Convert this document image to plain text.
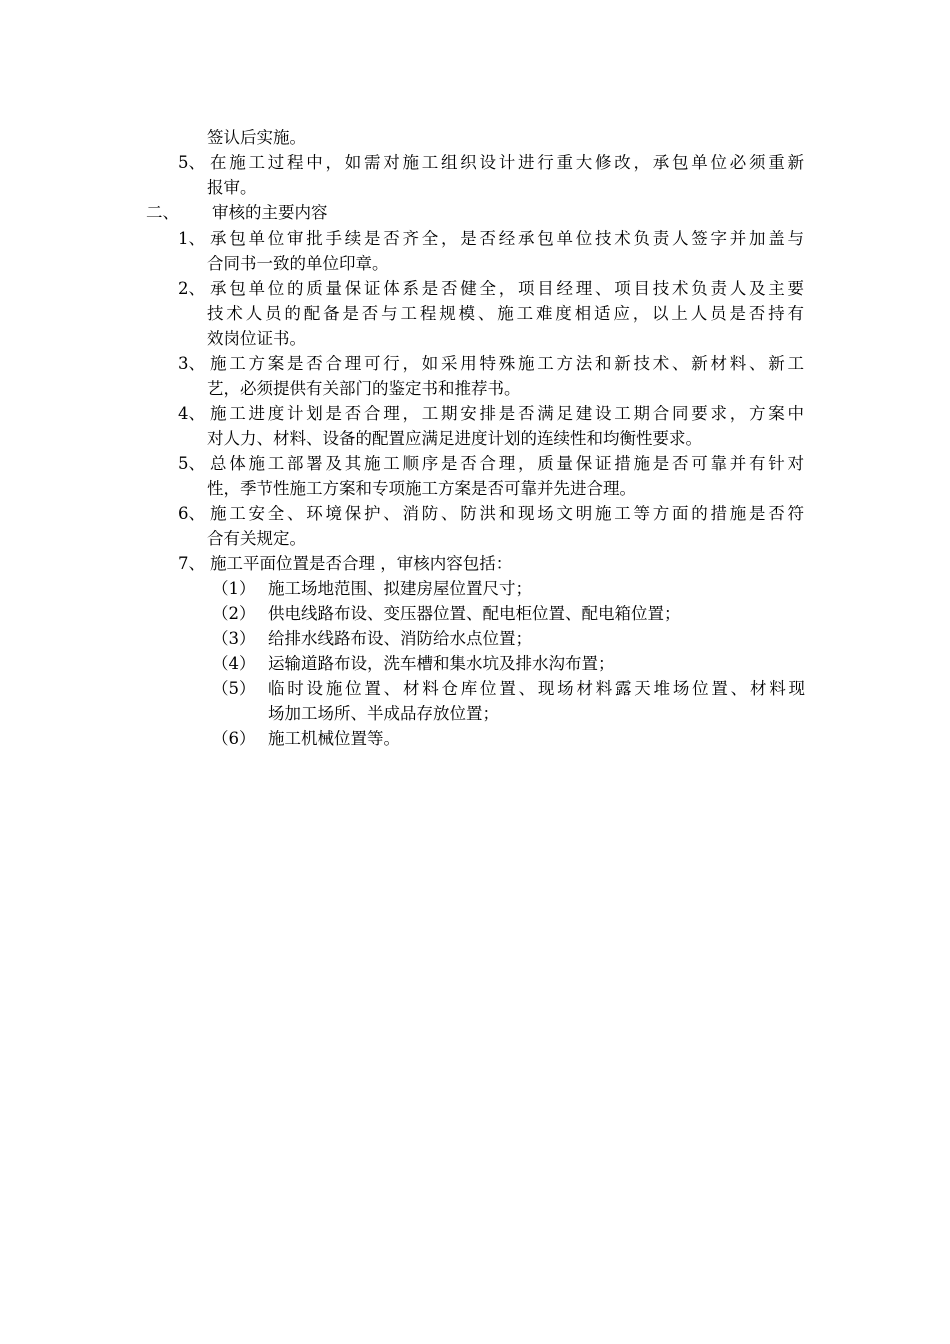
签认后实施。
5、 在施工过程中，如需对施工组织设计进行重大修改，承包单位必须重新
报审。
二、 审核的主要内容
1、 承包单位审批手续是否齐全，是否经承包单位技术负责人签字并加盖与
合同书一致的单位印章。
2、 承包单位的质量保证体系是否健全，项目经理、项目技术负责人及主要
技术人员的配备是否与工程规模、施工难度相适应，以上人员是否持有
效岗位证书。
3、 施工方案是否合理可行，如采用特殊施工方法和新技术、新材料、新工
艺，必须提供有关部门的鉴定书和推荐书。
4、 施工进度计划是否合理，工期安排是否满足建设工期合同要求，方案中
对人力、材料、设备的配置应满足进度计划的连续性和均衡性要求。
5、 总体施工部署及其施工顺序是否合理，质量保证措施是否可靠并有针对
性，季节性施工方案和专项施工方案是否可靠并先进合理。
6、 施工安全、环境保护、消防、防洪和现场文明施工等方面的措施是否符
合有关规定。
7、 施工平面位置是否合理 ，审核内容包括：
（1） 施工场地范围、拟建房屋位置尺寸；
（2） 供电线路布设、变压器位置、配电柜位置、配电箱位置；
（3） 给排水线路布设、消防给水点位置；
（4） 运输道路布设，洗车槽和集水坑及排水沟布置；
（5） 临时设施位置、材料仓库位置、现场材料露天堆场位置、材料现
场加工场所、半成品存放位置；
（6） 施工机械位置等。
